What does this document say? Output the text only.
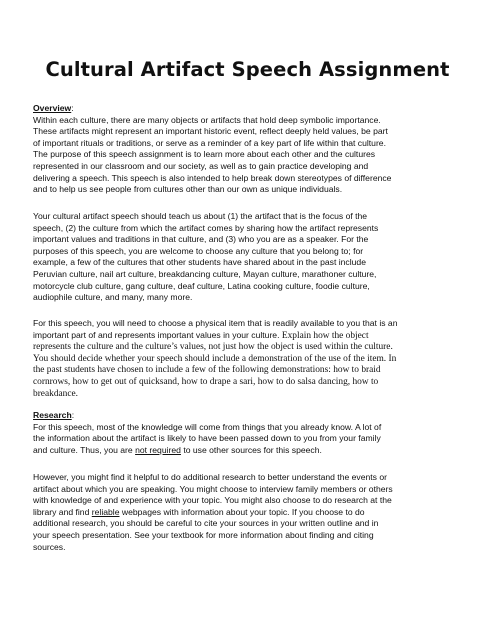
Cultural Artifact Speech Assignment
Overview:
Within each culture, there are many objects or artifacts that hold deep symbolic importance.
These artifacts might represent an important historic event, reflect deeply held values, be part
of important rituals or traditions, or serve as a reminder of a key part of life within that culture.
The purpose of this speech assignment is to learn more about each other and the cultures
represented in our classroom and our society, as well as to gain practice developing and
delivering a speech. This speech is also intended to help break down stereotypes of difference
and to help us see people from cultures other than our own as unique individuals.
Your cultural artifact speech should teach us about (1) the artifact that is the focus of the
speech, (2) the culture from which the artifact comes by sharing how the artifact represents
important values and traditions in that culture, and (3) who you are as a speaker. For the
purposes of this speech, you are welcome to choose any culture that you belong to; for
example, a few of the cultures that other students have shared about in the past include
Peruvian culture, nail art culture, breakdancing culture, Mayan culture, marathoner culture,
motorcycle club culture, gang culture, deaf culture, Latina cooking culture, foodie culture,
audiophile culture, and many, many more.
For this speech, you will need to choose a physical item that is readily available to you that is an
important part of and represents important values in your culture. Explain how the object
represents the culture and the culture’s values, not just how the object is used within the culture.
You should decide whether your speech should include a demonstration of the use of the item. In
the past students have chosen to include a few of the following demonstrations: how to braid
cornrows, how to get out of quicksand, how to drape a sari, how to do salsa dancing, how to
breakdance.
Research:
For this speech, most of the knowledge will come from things that you already know. A lot of
the information about the artifact is likely to have been passed down to you from your family
and culture. Thus, you are not required to use other sources for this speech.
However, you might find it helpful to do additional research to better understand the events or
artifact about which you are speaking. You might choose to interview family members or others
with knowledge of and experience with your topic. You might also choose to do research at the
library and find reliable webpages with information about your topic. If you choose to do
additional research, you should be careful to cite your sources in your written outline and in
your speech presentation. See your textbook for more information about finding and citing
sources.
